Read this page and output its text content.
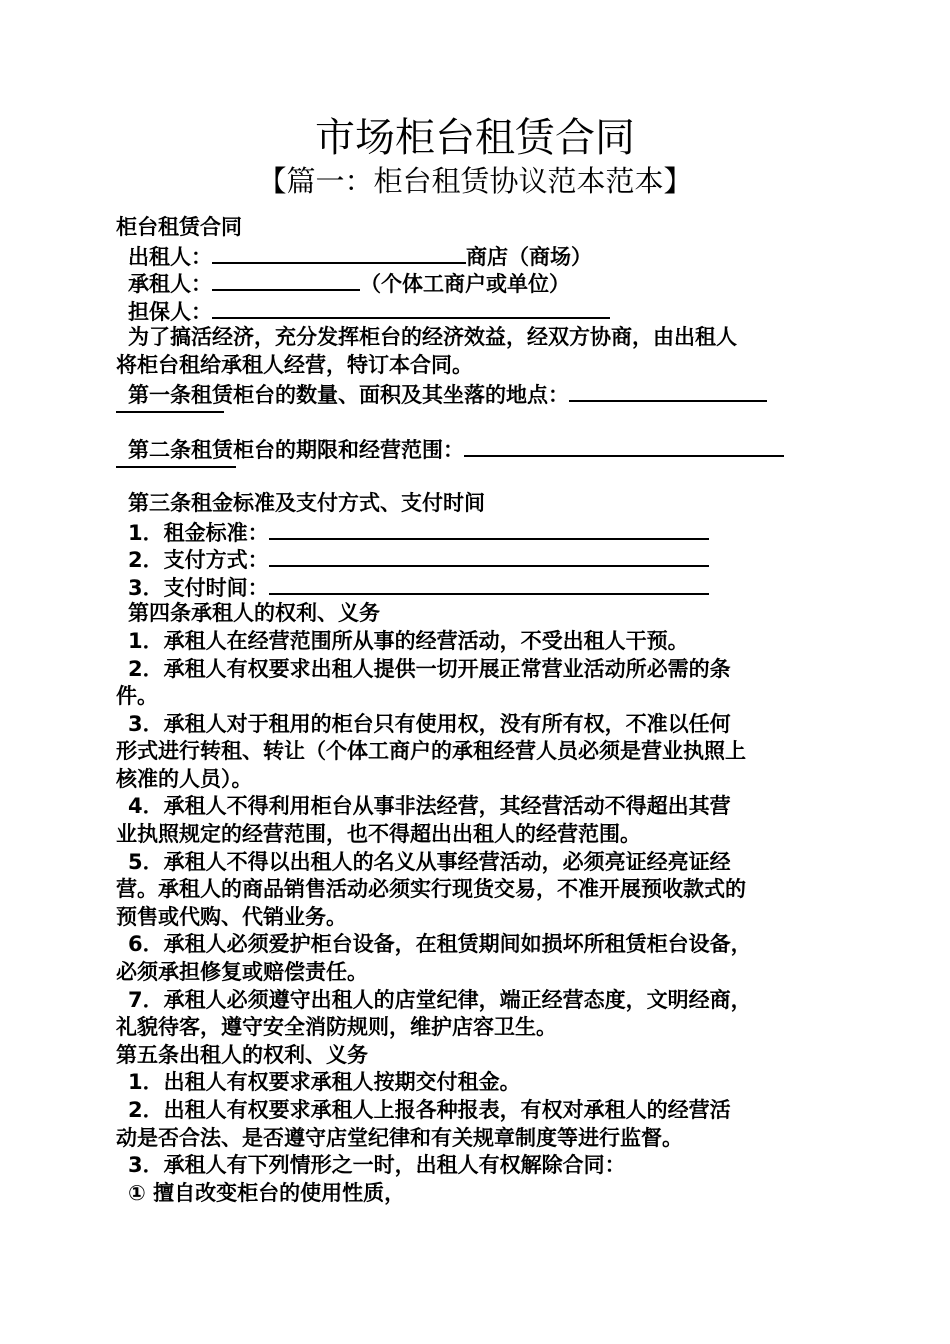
市场柜台租赁合同
【篇一：柜台租赁协议范本范本】
柜台租赁合同
出租人：	商店（商场）
承租人：	（个体工商户或单位）
担保人：
为了搞活经济，充分发挥柜台的经济效益，经双方协商，由出租人
将柜台租给承租人经营，特订本合同。
第一条租赁柜台的数量、面积及其坐落的地点：
第二条租赁柜台的期限和经营范围：
第三条租金标准及支付方式、支付时间
1．租金标准：
2．支付方式：
3．支付时间：
第四条承租人的权利、义务
1．承租人在经营范围所从事的经营活动，不受出租人干预。
2．承租人有权要求出租人提供一切开展正常营业活动所必需的条
件。
3．承租人对于租用的柜台只有使用权，没有所有权，不准以任何
形式进行转租、转让（个体工商户的承租经营人员必须是营业执照上
核准的人员）。
4．承租人不得利用柜台从事非法经营，其经营活动不得超出其营
业执照规定的经营范围，也不得超出出租人的经营范围。
5．承租人不得以出租人的名义从事经营活动，必须亮证经亮证经
营。承租人的商品销售活动必须实行现货交易，不准开展预收款式的
预售或代购、代销业务。
6．承租人必须爱护柜台设备，在租赁期间如损坏所租赁柜台设备，
必须承担修复或赔偿责任。
7．承租人必须遵守出租人的店堂纪律，端正经营态度，文明经商，
礼貌待客，遵守安全消防规则，维护店容卫生。
第五条出租人的权利、义务
1．出租人有权要求承租人按期交付租金。
2．出租人有权要求承租人上报各种报表，有权对承租人的经营活
动是否合法、是否遵守店堂纪律和有关规章制度等进行监督。
3．承租人有下列情形之一时，出租人有权解除合同：
① 擅自改变柜台的使用性质，
